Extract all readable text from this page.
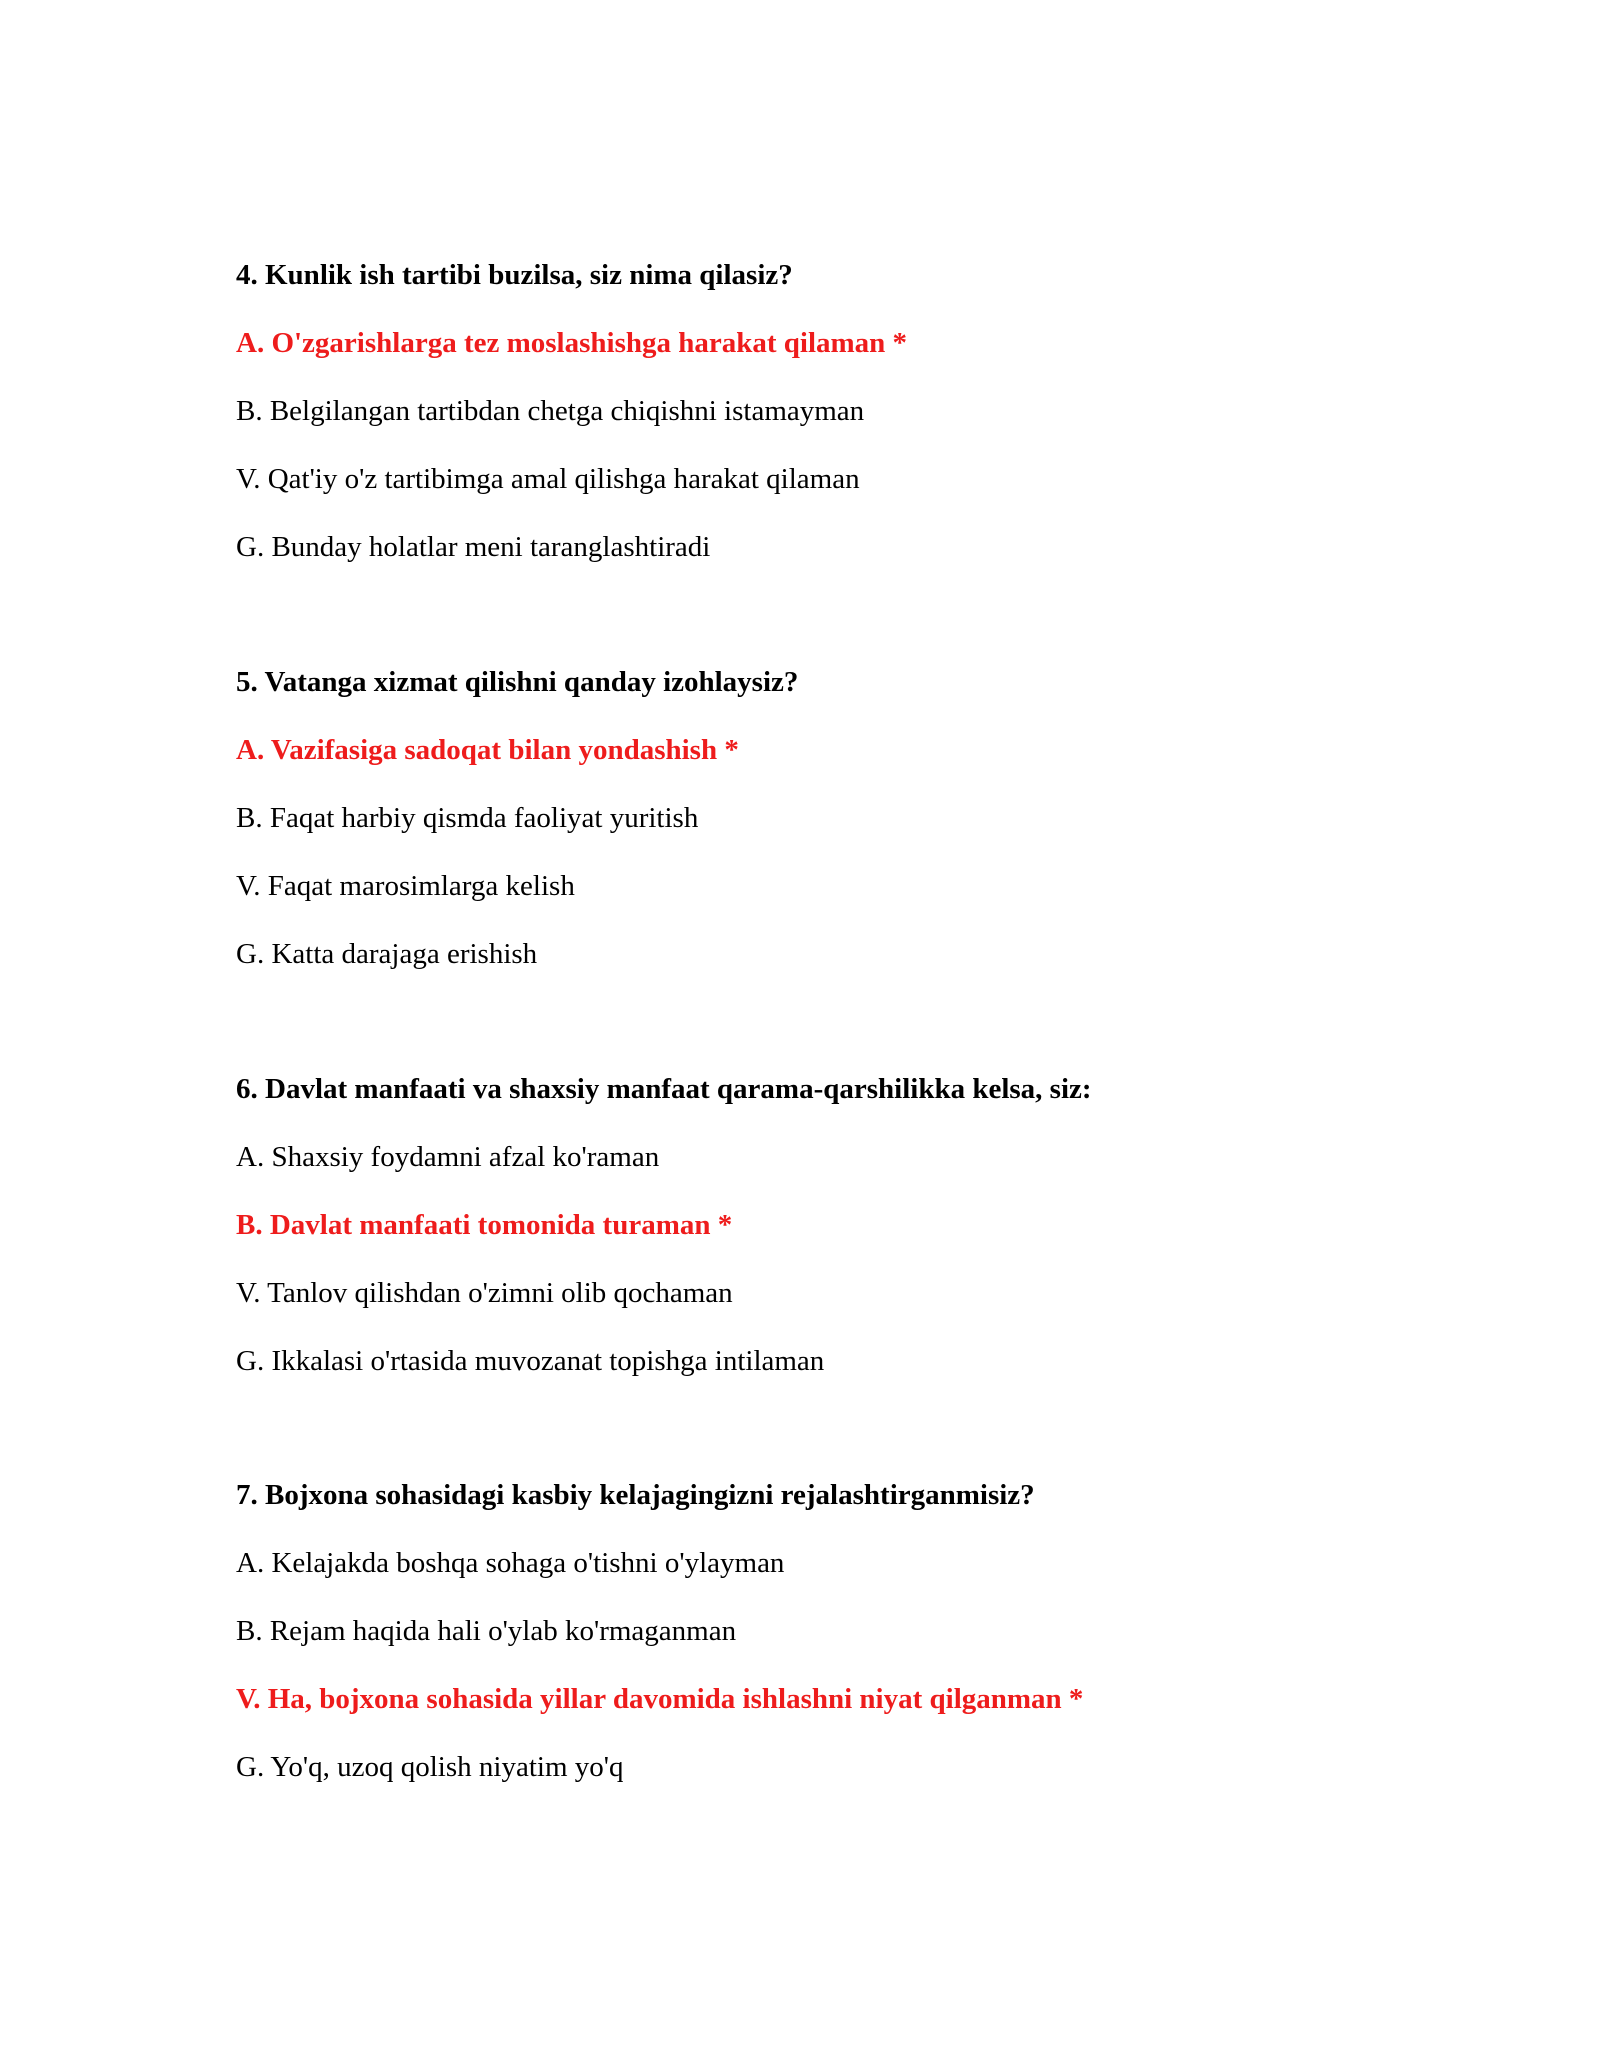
4. Kunlik ish tartibi buzilsa, siz nima qilasiz?
A. O'zgarishlarga tez moslashishga harakat qilaman *
B. Belgilangan tartibdan chetga chiqishni istamayman
V. Qat'iy o'z tartibimga amal qilishga harakat qilaman
G. Bunday holatlar meni taranglashtiradi
5. Vatanga xizmat qilishni qanday izohlaysiz?
A. Vazifasiga sadoqat bilan yondashish *
B. Faqat harbiy qismda faoliyat yuritish
V. Faqat marosimlarga kelish
G. Katta darajaga erishish
6. Davlat manfaati va shaxsiy manfaat qarama-qarshilikka kelsa, siz:
A. Shaxsiy foydamni afzal ko'raman
B. Davlat manfaati tomonida turaman *
V. Tanlov qilishdan o'zimni olib qochaman
G. Ikkalasi o'rtasida muvozanat topishga intilaman
7. Bojxona sohasidagi kasbiy kelajagingizni rejalashtirganmisiz?
A. Kelajakda boshqa sohaga o'tishni o'ylayman
B. Rejam haqida hali o'ylab ko'rmaganman
V. Ha, bojxona sohasida yillar davomida ishlashni niyat qilganman *
G. Yo'q, uzoq qolish niyatim yo'q
